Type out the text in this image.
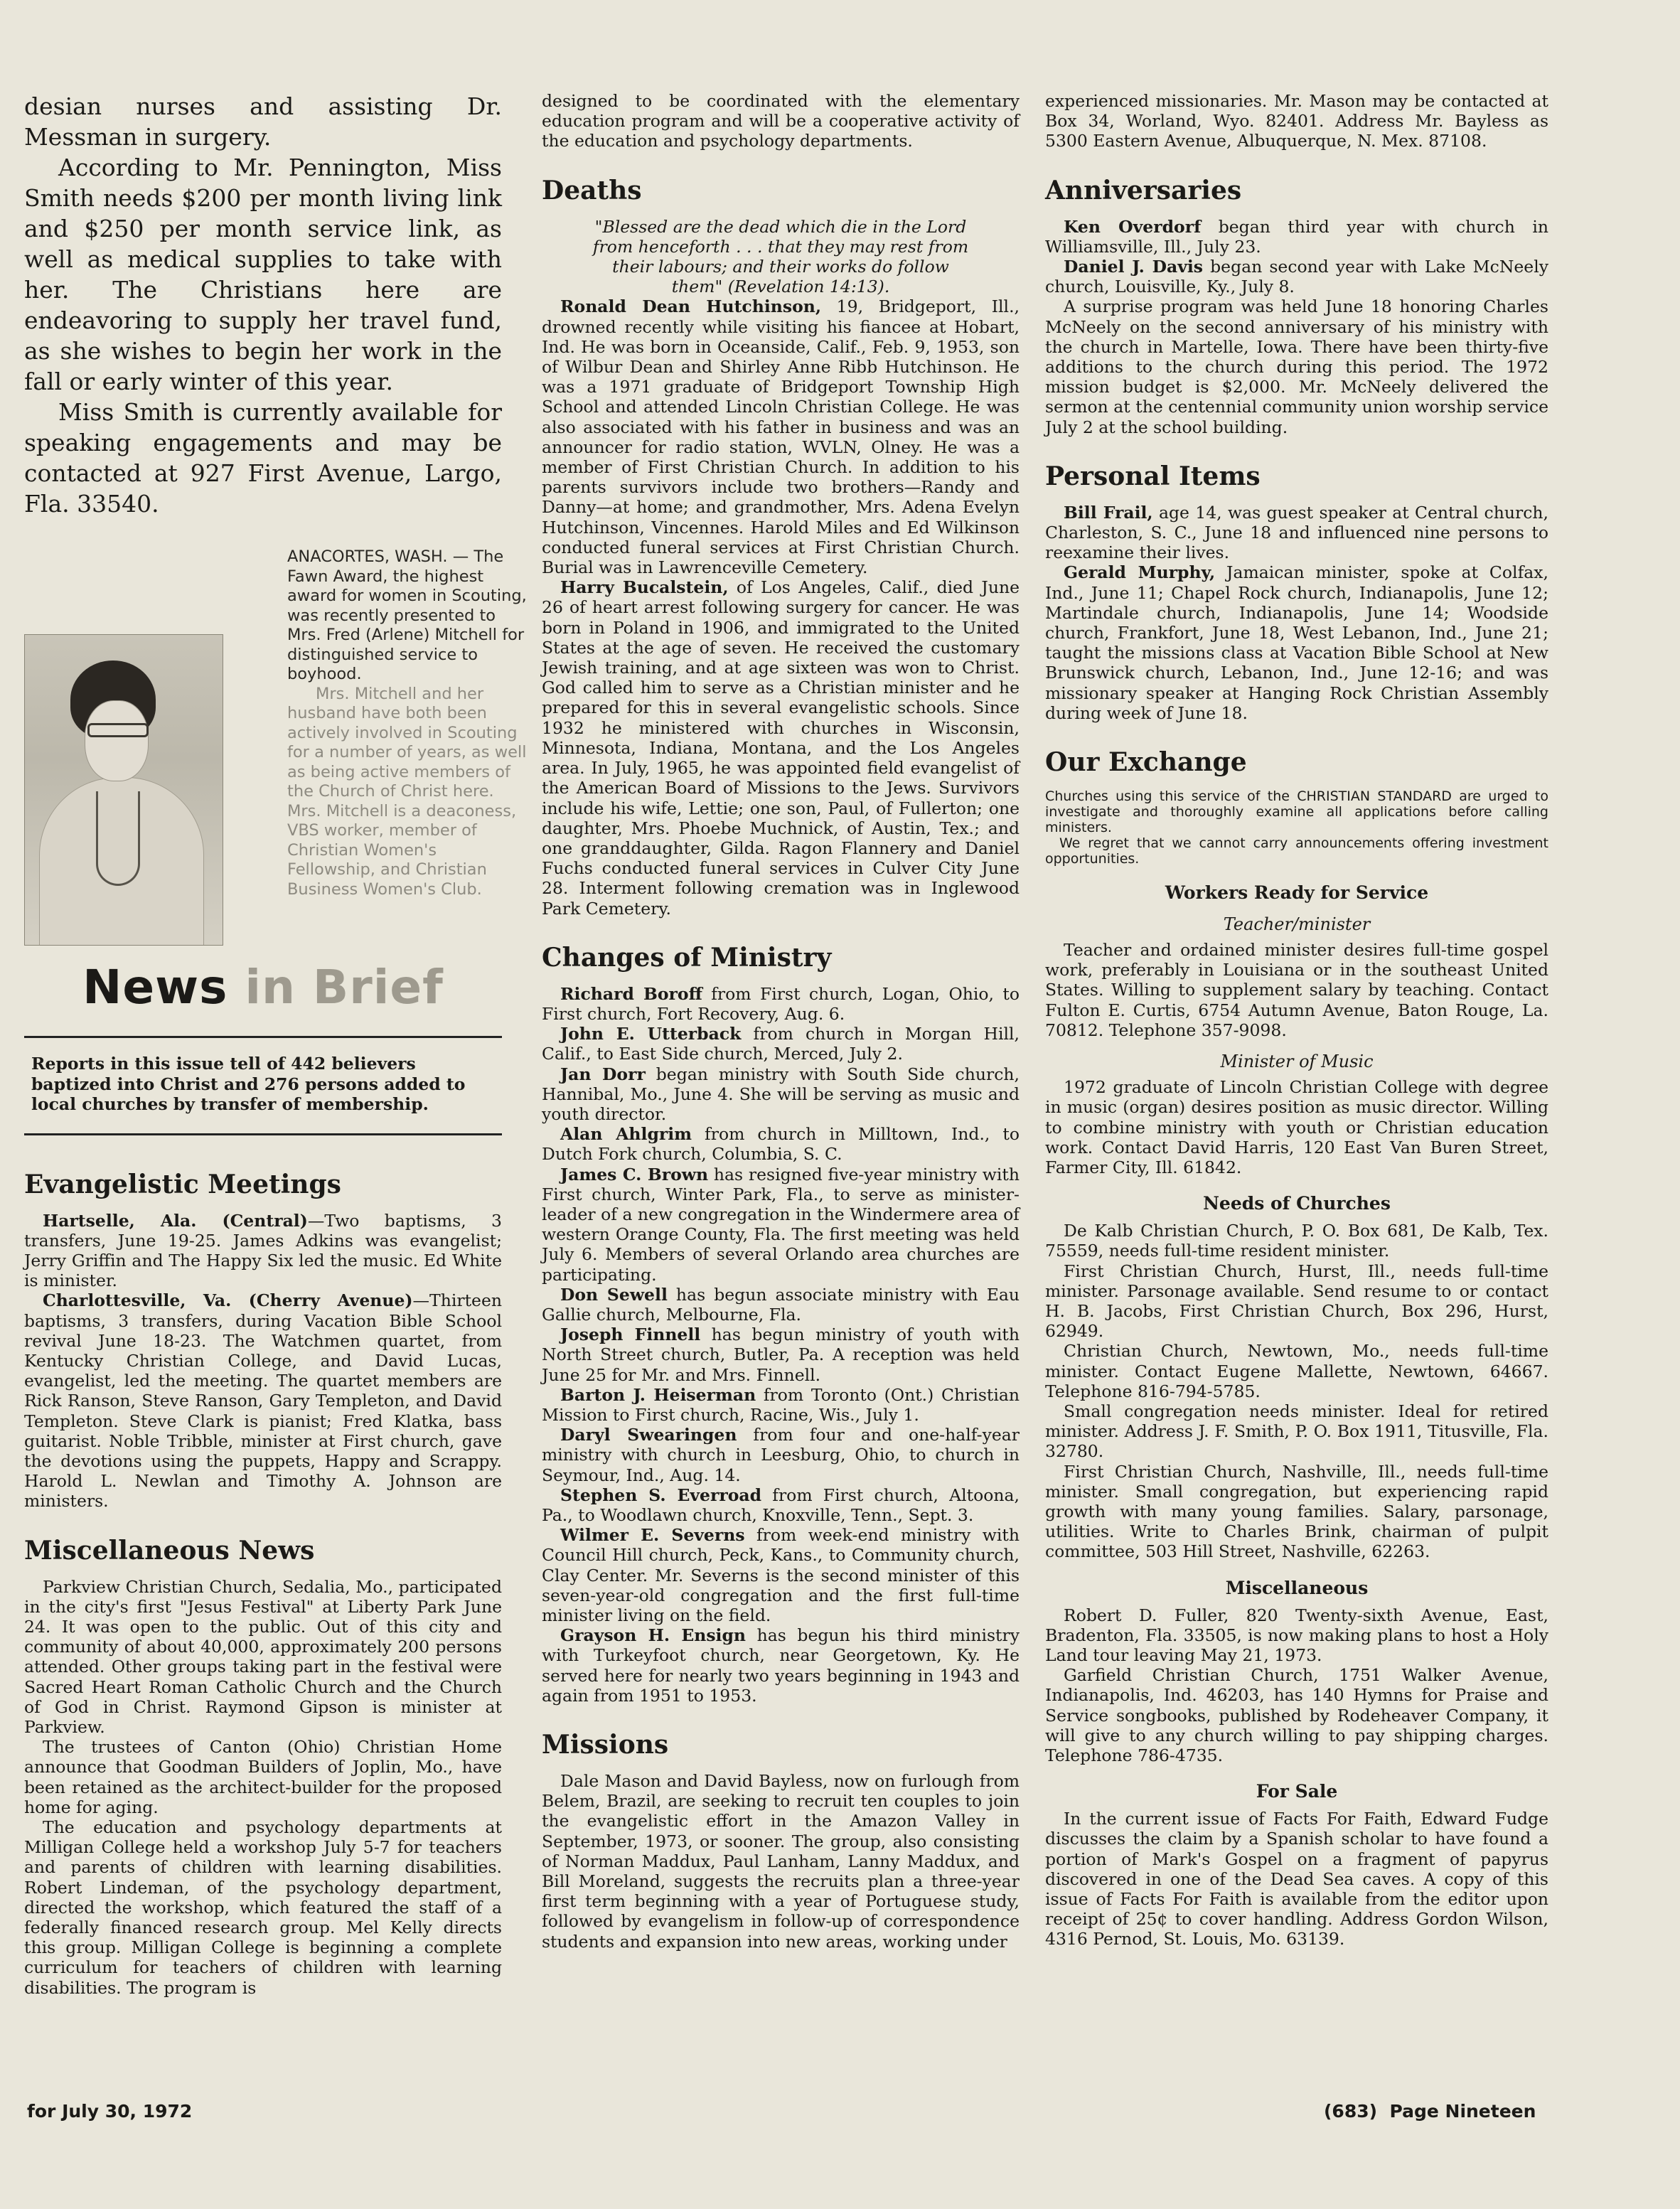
desian nurses and assisting Dr. Messman in surgery.

According to Mr. Pennington, Miss Smith needs $200 per month living link and $250 per month service link, as well as medical supplies to take with her. The Christians here are endeavoring to supply her travel fund, as she wishes to begin her work in the fall or early winter of this year.

Miss Smith is currently available for speaking engagements and may be contacted at 927 First Avenue, Largo, Fla. 33540.

ANACORTES, WASH. — The Fawn Award, the highest award for women in Scouting, was recently presented to Mrs. Fred (Arlene) Mitchell for distinguished service to boyhood.

Mrs. Mitchell and her husband have both been actively involved in Scouting for a number of years, as well as being active members of the Church of Christ here. Mrs. Mitchell is a deaconess, VBS worker, member of Christian Women's Fellowship, and Christian Business Women's Club.

News in Brief

Reports in this issue tell of 442 believers baptized into Christ and 276 persons added to local churches by transfer of membership.

Evangelistic Meetings

Hartselle, Ala. (Central)—Two baptisms, 3 transfers, June 19-25. James Adkins was evangelist; Jerry Griffin and The Happy Six led the music. Ed White is minister.

Charlottesville, Va. (Cherry Avenue)—Thirteen baptisms, 3 transfers, during Vacation Bible School revival June 18-23. The Watchmen quartet, from Kentucky Christian College, and David Lucas, evangelist, led the meeting. The quartet members are Rick Ranson, Steve Ranson, Gary Templeton, and David Templeton. Steve Clark is pianist; Fred Klatka, bass guitarist. Noble Tribble, minister at First church, gave the devotions using the puppets, Happy and Scrappy. Harold L. Newlan and Timothy A. Johnson are ministers.

Miscellaneous News

Parkview Christian Church, Sedalia, Mo., participated in the city's first "Jesus Festival" at Liberty Park June 24. It was open to the public. Out of this city and community of about 40,000, approximately 200 persons attended. Other groups taking part in the festival were Sacred Heart Roman Catholic Church and the Church of God in Christ. Raymond Gipson is minister at Parkview.

The trustees of Canton (Ohio) Christian Home announce that Goodman Builders of Joplin, Mo., have been retained as the architect-builder for the proposed home for aging.

The education and psychology departments at Milligan College held a workshop July 5-7 for teachers and parents of children with learning disabilities. Robert Lindeman, of the psychology department, directed the workshop, which featured the staff of a federally financed research group. Mel Kelly directs this group. Milligan College is beginning a complete curriculum for teachers of children with learning disabilities. The program is

designed to be coordinated with the elementary education program and will be a cooperative activity of the education and psychology departments.

Deaths

"Blessed are the dead which die in the Lord from henceforth . . . that they may rest from their labours; and their works do follow them" (Revelation 14:13).

Ronald Dean Hutchinson, 19, Bridgeport, Ill., drowned recently while visiting his fiancee at Hobart, Ind. He was born in Oceanside, Calif., Feb. 9, 1953, son of Wilbur Dean and Shirley Anne Ribb Hutchinson. He was a 1971 graduate of Bridgeport Township High School and attended Lincoln Christian College. He was also associated with his father in business and was an announcer for radio station, WVLN, Olney. He was a member of First Christian Church. In addition to his parents survivors include two brothers—Randy and Danny—at home; and grandmother, Mrs. Adena Evelyn Hutchinson, Vincennes. Harold Miles and Ed Wilkinson conducted funeral services at First Christian Church. Burial was in Lawrenceville Cemetery.

Harry Bucalstein, of Los Angeles, Calif., died June 26 of heart arrest following surgery for cancer. He was born in Poland in 1906, and immigrated to the United States at the age of seven. He received the customary Jewish training, and at age sixteen was won to Christ. God called him to serve as a Christian minister and he prepared for this in several evangelistic schools. Since 1932 he ministered with churches in Wisconsin, Minnesota, Indiana, Montana, and the Los Angeles area. In July, 1965, he was appointed field evangelist of the American Board of Missions to the Jews. Survivors include his wife, Lettie; one son, Paul, of Fullerton; one daughter, Mrs. Phoebe Muchnick, of Austin, Tex.; and one granddaughter, Gilda. Ragon Flannery and Daniel Fuchs conducted funeral services in Culver City June 28. Interment following cremation was in Inglewood Park Cemetery.

Changes of Ministry

Richard Boroff from First church, Logan, Ohio, to First church, Fort Recovery, Aug. 6.

John E. Utterback from church in Morgan Hill, Calif., to East Side church, Merced, July 2.

Jan Dorr began ministry with South Side church, Hannibal, Mo., June 4. She will be serving as music and youth director.

Alan Ahlgrim from church in Milltown, Ind., to Dutch Fork church, Columbia, S. C.

James C. Brown has resigned five-year ministry with First church, Winter Park, Fla., to serve as minister-leader of a new congregation in the Windermere area of western Orange County, Fla. The first meeting was held July 6. Members of several Orlando area churches are participating.

Don Sewell has begun associate ministry with Eau Gallie church, Melbourne, Fla.

Joseph Finnell has begun ministry of youth with North Street church, Butler, Pa. A reception was held June 25 for Mr. and Mrs. Finnell.

Barton J. Heiserman from Toronto (Ont.) Christian Mission to First church, Racine, Wis., July 1.

Daryl Swearingen from four and one-half-year ministry with church in Leesburg, Ohio, to church in Seymour, Ind., Aug. 14.

Stephen S. Everroad from First church, Altoona, Pa., to Woodlawn church, Knoxville, Tenn., Sept. 3.

Wilmer E. Severns from week-end ministry with Council Hill church, Peck, Kans., to Community church, Clay Center. Mr. Severns is the second minister of this seven-year-old congregation and the first full-time minister living on the field.

Grayson H. Ensign has begun his third ministry with Turkeyfoot church, near Georgetown, Ky. He served here for nearly two years beginning in 1943 and again from 1951 to 1953.

Missions

Dale Mason and David Bayless, now on furlough from Belem, Brazil, are seeking to recruit ten couples to join the evangelistic effort in the Amazon Valley in September, 1973, or sooner. The group, also consisting of Norman Maddux, Paul Lanham, Lanny Maddux, and Bill Moreland, suggests the recruits plan a three-year first term beginning with a year of Portuguese study, followed by evangelism in follow-up of correspondence students and expansion into new areas, working under

experienced missionaries. Mr. Mason may be contacted at Box 34, Worland, Wyo. 82401. Address Mr. Bayless as 5300 Eastern Avenue, Albuquerque, N. Mex. 87108.

Anniversaries

Ken Overdorf began third year with church in Williamsville, Ill., July 23.

Daniel J. Davis began second year with Lake McNeely church, Louisville, Ky., July 8.

A surprise program was held June 18 honoring Charles McNeely on the second anniversary of his ministry with the church in Martelle, Iowa. There have been thirty-five additions to the church during this period. The 1972 mission budget is $2,000. Mr. McNeely delivered the sermon at the centennial community union worship service July 2 at the school building.

Personal Items

Bill Frail, age 14, was guest speaker at Central church, Charleston, S. C., June 18 and influenced nine persons to reexamine their lives.

Gerald Murphy, Jamaican minister, spoke at Colfax, Ind., June 11; Chapel Rock church, Indianapolis, June 12; Martindale church, Indianapolis, June 14; Woodside church, Frankfort, June 18, West Lebanon, Ind., June 21; taught the missions class at Vacation Bible School at New Brunswick church, Lebanon, Ind., June 12-16; and was missionary speaker at Hanging Rock Christian Assembly during week of June 18.

Our Exchange
Churches using this service of the CHRISTIAN STANDARD are urged to investigate and thoroughly examine all applications before calling ministers.
We regret that we cannot carry announcements offering investment opportunities.
Workers Ready for Service
Teacher/minister

Teacher and ordained minister desires full-time gospel work, preferably in Louisiana or in the southeast United States. Willing to supplement salary by teaching. Contact Fulton E. Curtis, 6754 Autumn Avenue, Baton Rouge, La. 70812. Telephone 357-9098.

Minister of Music

1972 graduate of Lincoln Christian College with degree in music (organ) desires position as music director. Willing to combine ministry with youth or Christian education work. Contact David Harris, 120 East Van Buren Street, Farmer City, Ill. 61842.

Needs of Churches

De Kalb Christian Church, P. O. Box 681, De Kalb, Tex. 75559, needs full-time resident minister.

First Christian Church, Hurst, Ill., needs full-time minister. Parsonage available. Send resume to or contact H. B. Jacobs, First Christian Church, Box 296, Hurst, 62949.

Christian Church, Newtown, Mo., needs full-time minister. Contact Eugene Mallette, Newtown, 64667. Telephone 816-794-5785.

Small congregation needs minister. Ideal for retired minister. Address J. F. Smith, P. O. Box 1911, Titusville, Fla. 32780.

First Christian Church, Nashville, Ill., needs full-time minister. Small congregation, but experiencing rapid growth with many young families. Salary, parsonage, utilities. Write to Charles Brink, chairman of pulpit committee, 503 Hill Street, Nashville, 62263.

Miscellaneous

Robert D. Fuller, 820 Twenty-sixth Avenue, East, Bradenton, Fla. 33505, is now making plans to host a Holy Land tour leaving May 21, 1973.

Garfield Christian Church, 1751 Walker Avenue, Indianapolis, Ind. 46203, has 140 Hymns for Praise and Service songbooks, published by Rodeheaver Company, it will give to any church willing to pay shipping charges. Telephone 786-4735.

For Sale

In the current issue of Facts For Faith, Edward Fudge discusses the claim by a Spanish scholar to have found a portion of Mark's Gospel on a fragment of papyrus discovered in one of the Dead Sea caves. A copy of this issue of Facts For Faith is available from the editor upon receipt of 25¢ to cover handling. Address Gordon Wilson, 4316 Pernod, St. Louis, Mo. 63139.

for July 30, 1972	(683)  Page Nineteen
